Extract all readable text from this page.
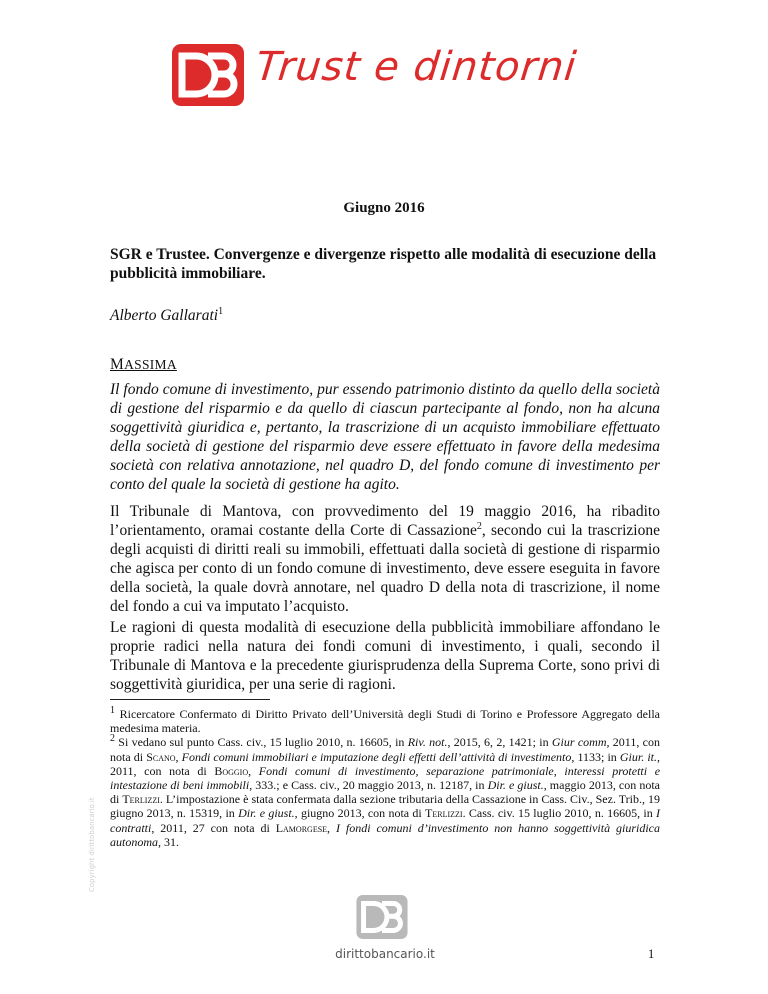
Trust e dintorni
Giugno 2016
SGR e Trustee. Convergenze e divergenze rispetto alle modalità di esecuzione della pubblicità immobiliare.
Alberto Gallarati$^1$
MASSIMA
Il fondo comune di investimento, pur essendo patrimonio distinto da quello della società di gestione del risparmio e da quello di ciascun partecipante al fondo, non ha alcuna soggettività giuridica e, pertanto, la trascrizione di un acquisto immobiliare effettuato della società di gestione del risparmio deve essere effettuato in favore della medesima società con relativa annotazione, nel quadro D, del fondo comune di investimento per conto del quale la società di gestione ha agito.
Il Tribunale di Mantova, con provvedimento del 19 maggio 2016, ha ribadito l’orientamento, oramai costante della Corte di Cassazione$^2$, secondo cui la trascrizione degli acquisti di diritti reali su immobili, effettuati dalla società di gestione di risparmio che agisca per conto di un fondo comune di investimento, deve essere eseguita in favore della società, la quale dovrà annotare, nel quadro D della nota di trascrizione, il nome del fondo a cui va imputato l’acquisto.
Le ragioni di questa modalità di esecuzione della pubblicità immobiliare affondano le proprie radici nella natura dei fondi comuni di investimento, i quali, secondo il Tribunale di Mantova e la precedente giurisprudenza della Suprema Corte, sono privi di soggettività giuridica, per una serie di ragioni.

$^1$ Ricercatore Confermato di Diritto Privato dell’Università degli Studi di Torino e Professore Aggregato della medesima materia.

$^2$ Si vedano sul punto Cass. civ., 15 luglio 2010, n. 16605, in Riv. not., 2015, 6, 2, 1421; in Giur comm, 2011, con nota di Scano, Fondi comuni immobiliari e imputazione degli effetti dell’attività di investimento, 1133; in Giur. it., 2011, con nota di Boggio, Fondi comuni di investimento, separazione patrimoniale, interessi protetti e intestazione di beni immobili, 333.; e Cass. civ., 20 maggio 2013, n. 12187, in Dir. e giust., maggio 2013, con nota di Terlizzi. L’impostazione è stata confermata dalla sezione tributaria della Cassazione in Cass. Civ., Sez. Trib., 19 giugno 2013, n. 15319, in Dir. e giust., giugno 2013, con nota di Terlizzi. Cass. civ. 15 luglio 2010, n. 16605, in I contratti, 2011, 27 con nota di Lamorgese, I fondi comuni d’investimento non hanno soggettività giuridica autonoma, 31.

Copyright dirittobancario.it
dirittobancario.it	1
